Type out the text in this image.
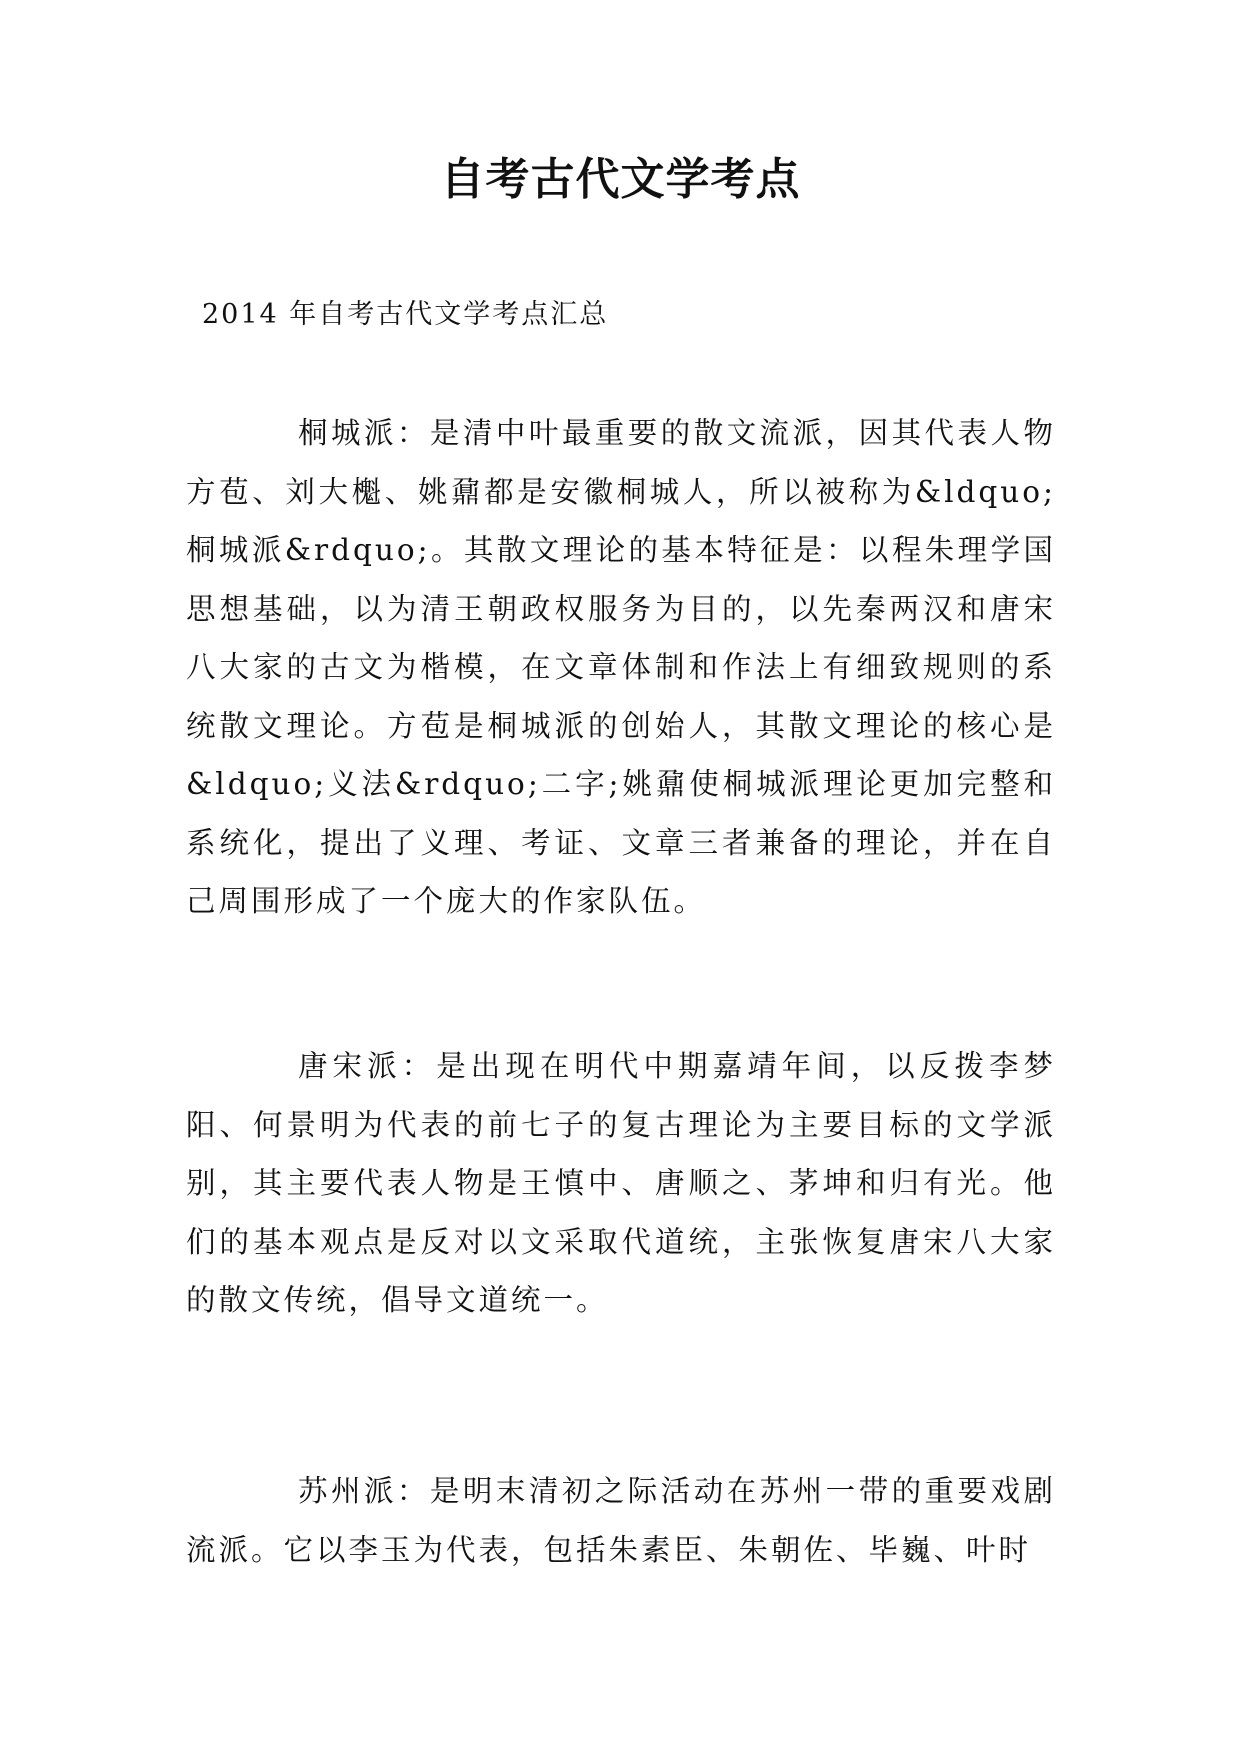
自考古代文学考点

2014 年自考古代文学考点汇总

桐城派：是清中叶最重要的散文流派，因其代表人物方苞、刘大櫆、姚鼐都是安徽桐城人，所以被称为&ldquo;桐城派&rdquo;。其散文理论的基本特征是：以程朱理学国思想基础，以为清王朝政权服务为目的，以先秦两汉和唐宋八大家的古文为楷模，在文章体制和作法上有细致规则的系统散文理论。方苞是桐城派的创始人，其散文理论的核心是&ldquo;义法&rdquo;二字;姚鼐使桐城派理论更加完整和系统化，提出了义理、考证、文章三者兼备的理论，并在自己周围形成了一个庞大的作家队伍。

唐宋派：是出现在明代中期嘉靖年间，以反拨李梦阳、何景明为代表的前七子的复古理论为主要目标的文学派别，其主要代表人物是王慎中、唐顺之、茅坤和归有光。他们的基本观点是反对以文采取代道统，主张恢复唐宋八大家的散文传统，倡导文道统一。

苏州派：是明末清初之际活动在苏州一带的重要戏剧流派。它以李玉为代表，包括朱素臣、朱朝佐、毕巍、叶时
